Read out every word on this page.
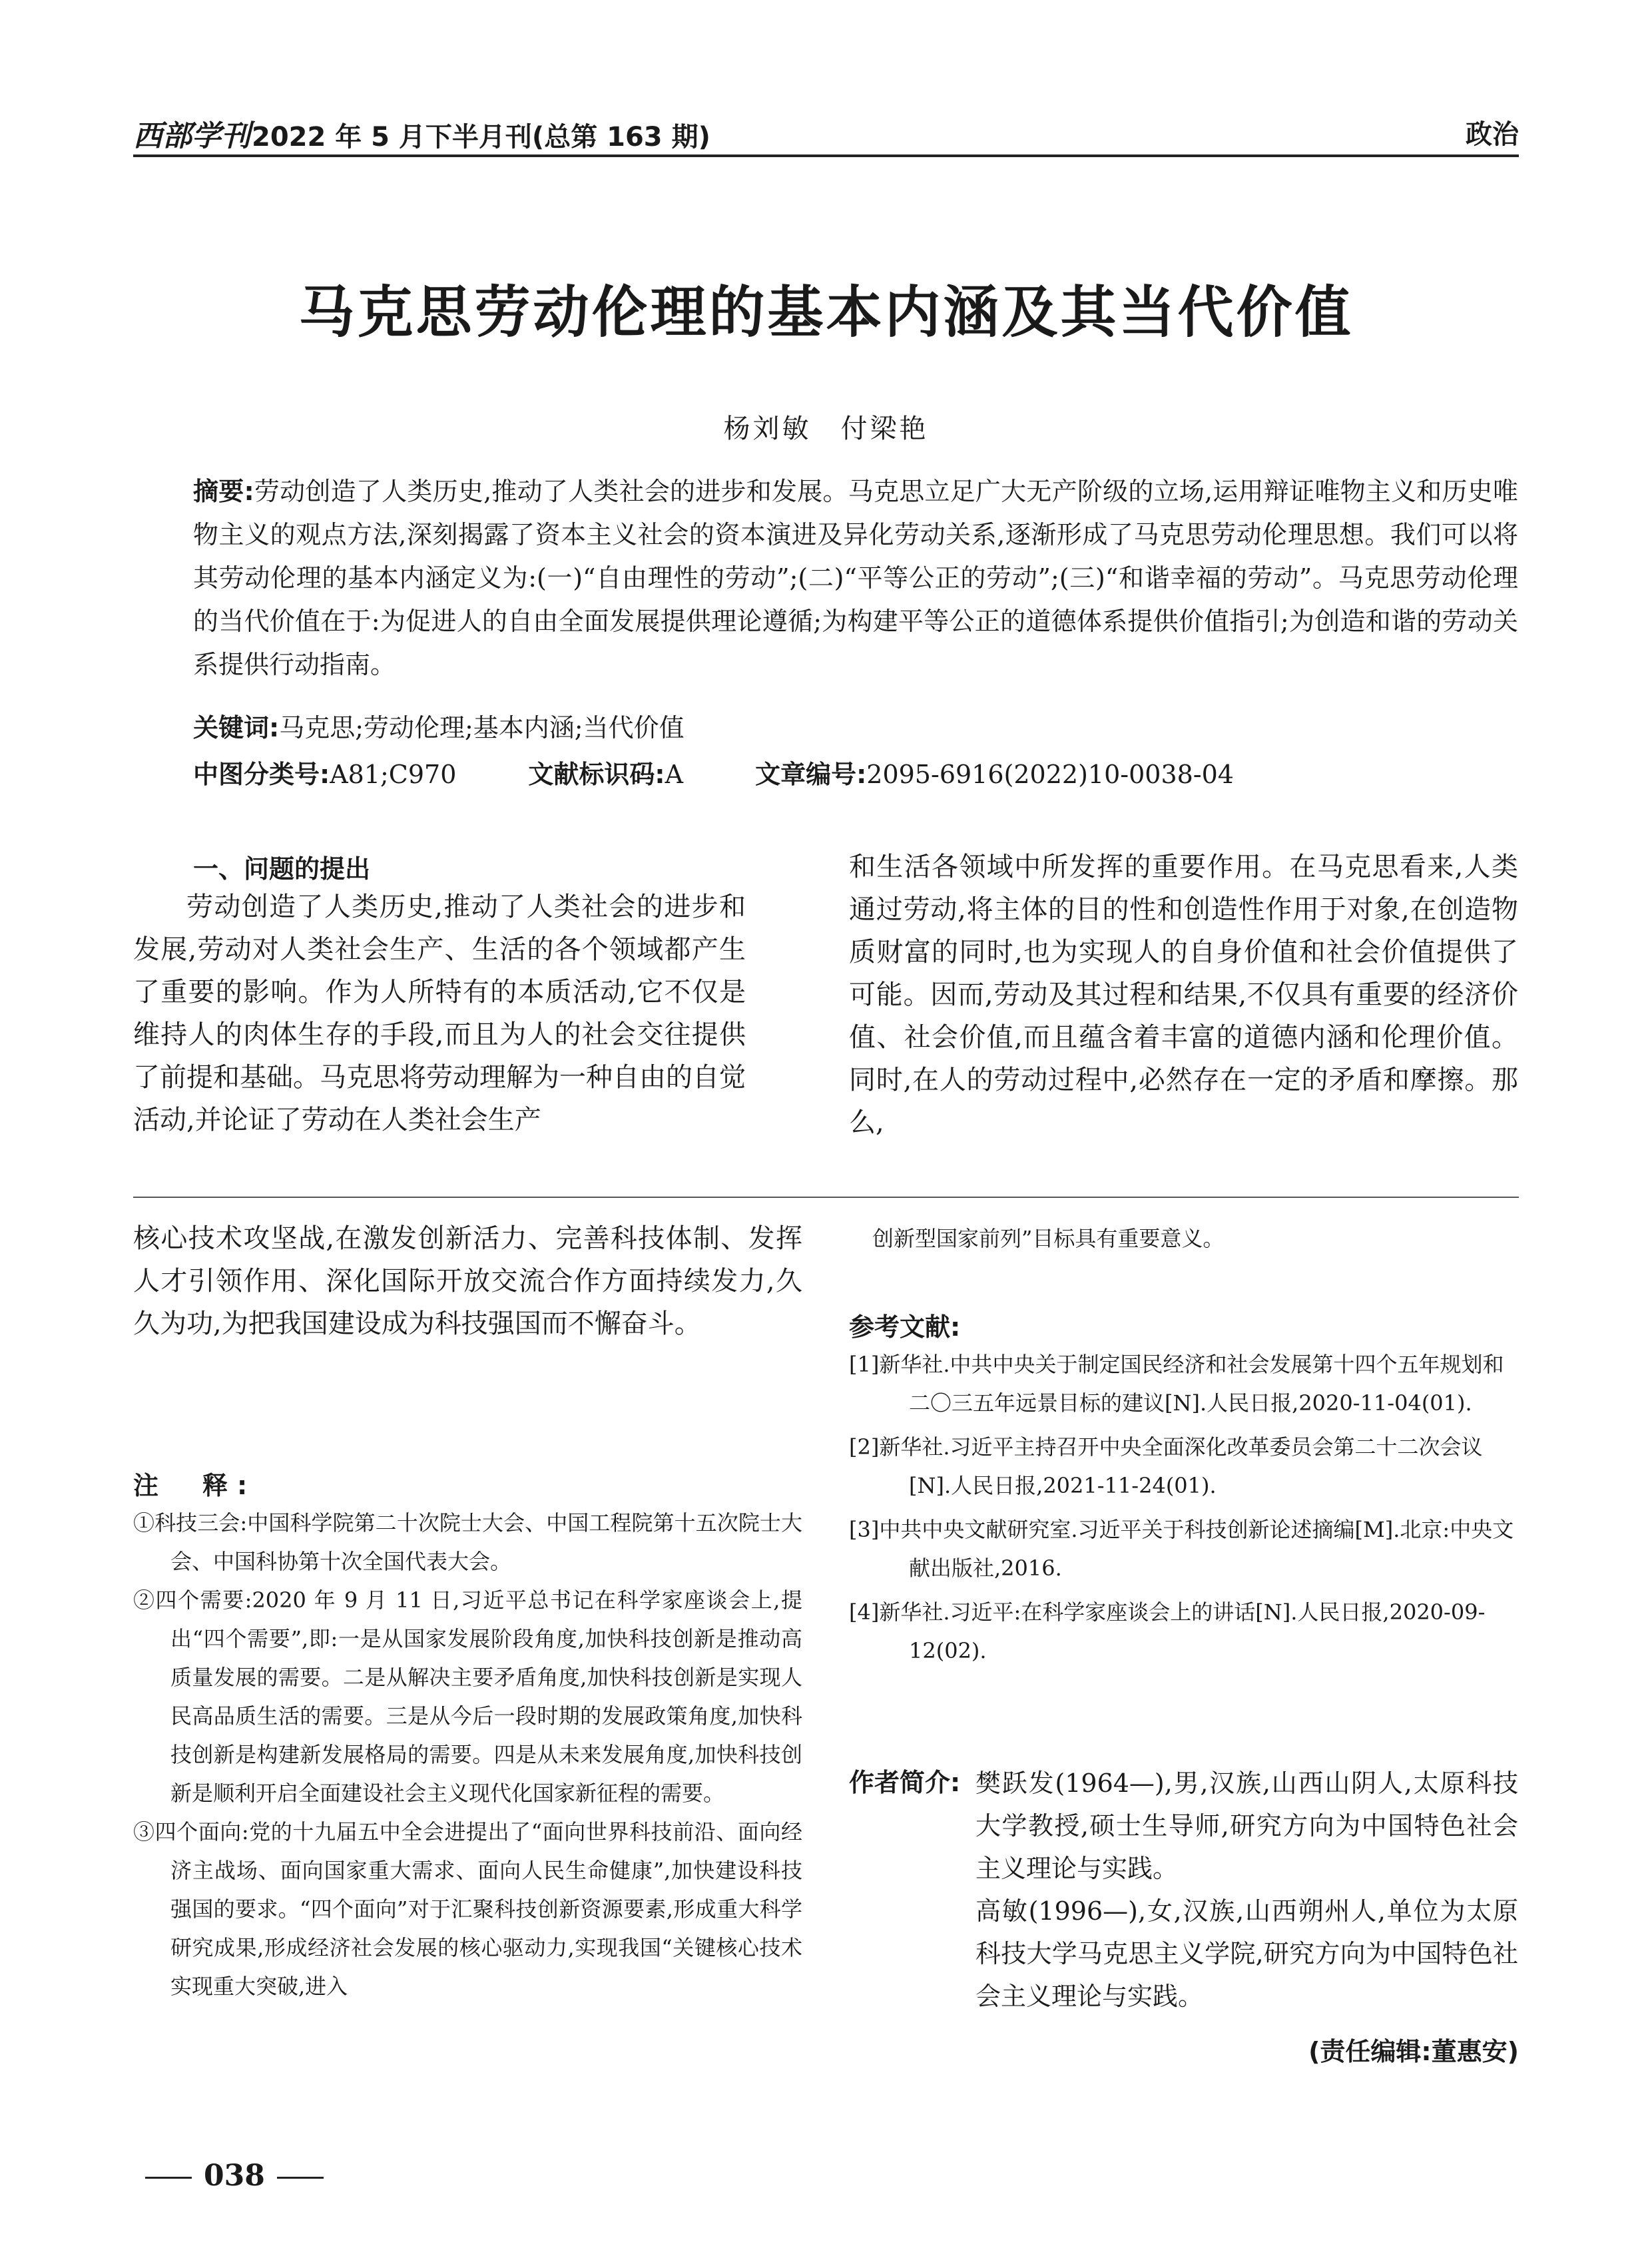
西部学刊2022 年 5 月下半月刊(总第 163 期)	政治
马克思劳动伦理的基本内涵及其当代价值
杨刘敏　付梁艳

摘要:劳动创造了人类历史,推动了人类社会的进步和发展。马克思立足广大无产阶级的立场,运用辩证唯物主义和历史唯物主义的观点方法,深刻揭露了资本主义社会的资本演进及异化劳动关系,逐渐形成了马克思劳动伦理思想。我们可以将其劳动伦理的基本内涵定义为:(一)“自由理性的劳动”;(二)“平等公正的劳动”;(三)“和谐幸福的劳动”。马克思劳动伦理的当代价值在于:为促进人的自由全面发展提供理论遵循;为构建平等公正的道德体系提供价值指引;为创造和谐的劳动关系提供行动指南。

关键词:马克思;劳动伦理;基本内涵;当代价值
中图分类号:A81;C970	文献标识码:A	文章编号:2095-6916(2022)10-0038-04
一、问题的提出

劳动创造了人类历史,推动了人类社会的进步和发展,劳动对人类社会生产、生活的各个领域都产生了重要的影响。作为人所特有的本质活动,它不仅是维持人的肉体生存的手段,而且为人的社会交往提供了前提和基础。马克思将劳动理解为一种自由的自觉活动,并论证了劳动在人类社会生产

和生活各领域中所发挥的重要作用。在马克思看来,人类通过劳动,将主体的目的性和创造性作用于对象,在创造物质财富的同时,也为实现人的自身价值和社会价值提供了可能。因而,劳动及其过程和结果,不仅具有重要的经济价值、社会价值,而且蕴含着丰富的道德内涵和伦理价值。同时,在人的劳动过程中,必然存在一定的矛盾和摩擦。那么,

核心技术攻坚战,在激发创新活力、完善科技体制、发挥人才引领作用、深化国际开放交流合作方面持续发力,久久为功,为把我国建设成为科技强国而不懈奋斗。
创新型国家前列”目标具有重要意义。
注　释:
①科技三会:中国科学院第二十次院士大会、中国工程院第十五次院士大会、中国科协第十次全国代表大会。
②四个需要:2020 年 9 月 11 日,习近平总书记在科学家座谈会上,提出“四个需要”,即:一是从国家发展阶段角度,加快科技创新是推动高质量发展的需要。二是从解决主要矛盾角度,加快科技创新是实现人民高品质生活的需要。三是从今后一段时期的发展政策角度,加快科技创新是构建新发展格局的需要。四是从未来发展角度,加快科技创新是顺利开启全面建设社会主义现代化国家新征程的需要。
③四个面向:党的十九届五中全会进提出了“面向世界科技前沿、面向经济主战场、面向国家重大需求、面向人民生命健康”,加快建设科技强国的要求。“四个面向”对于汇聚科技创新资源要素,形成重大科学研究成果,形成经济社会发展的核心驱动力,实现我国“关键核心技术实现重大突破,进入
参考文献:
[1]新华社.中共中央关于制定国民经济和社会发展第十四个五年规划和二〇三五年远景目标的建议[N].人民日报,2020-11-04(01).
[2]新华社.习近平主持召开中央全面深化改革委员会第二十二次会议[N].人民日报,2021-11-24(01).
[3]中共中央文献研究室.习近平关于科技创新论述摘编[M].北京:中央文献出版社,2016.
[4]新华社.习近平:在科学家座谈会上的讲话[N].人民日报,2020-09-12(02).
作者简介: 樊跃发(1964—),男,汉族,山西山阴人,太原科技大学教授,硕士生导师,研究方向为中国特色社会主义理论与实践。

高敏(1996—),女,汉族,山西朔州人,单位为太原科技大学马克思主义学院,研究方向为中国特色社会主义理论与实践。

(责任编辑:董惠安)
038
